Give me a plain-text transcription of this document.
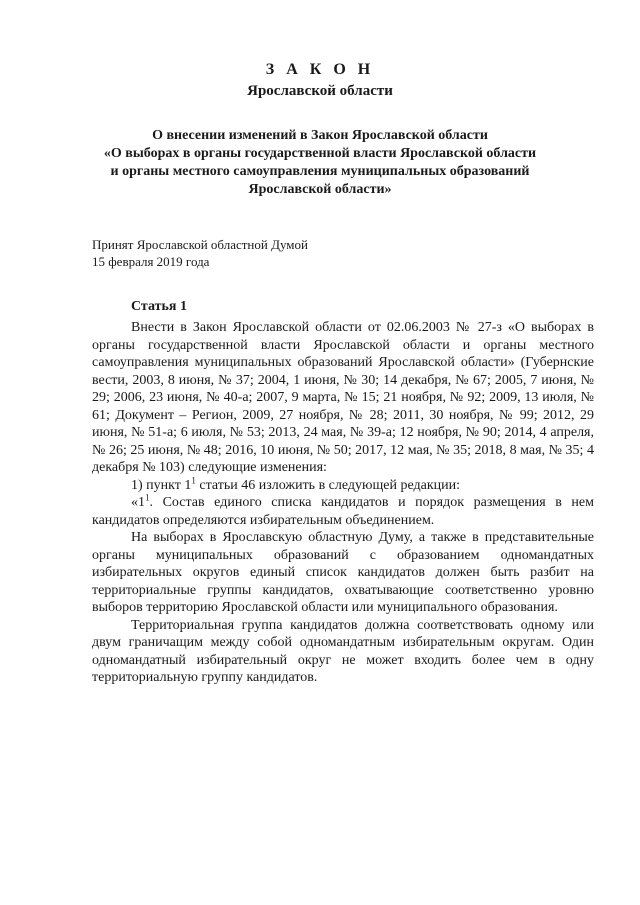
З А К О Н
Ярославской области
О внесении изменений в Закон Ярославской области
«О выборах в органы государственной власти Ярославской области
и органы местного самоуправления муниципальных образований
Ярославской области»
Принят Ярославской областной Думой
15 февраля 2019 года
Статья 1

Внести в Закон Ярославской области от 02.06.2003 № 27-з «О выборах в органы государственной власти Ярославской области и органы местного самоуправления муниципальных образований Ярославской области» (Губернские вести, 2003, 8 июня, № 37; 2004, 1 июня, № 30; 14 декабря, № 67; 2005, 7 июня, № 29; 2006, 23 июня, № 40-а; 2007, 9 марта, № 15; 21 ноября, № 92; 2009, 13 июля, № 61; Документ – Регион, 2009, 27 ноября, № 28; 2011, 30 ноября, № 99; 2012, 29 июня, № 51-а; 6 июля, № 53; 2013, 24 мая, № 39-а; 12 ноября, № 90; 2014, 4 апреля, № 26; 25 июня, № 48; 2016, 10 июня, № 50; 2017, 12 мая, № 35; 2018, 8 мая, № 35; 4 декабря № 103) следующие изменения:

1) пункт $1^1$ статьи 46 изложить в следующей редакции:

«$1^1$. Состав единого списка кандидатов и порядок размещения в нем кандидатов определяются избирательным объединением.

На выборах в Ярославскую областную Думу, а также в представительные органы муниципальных образований с образованием одномандатных избирательных округов единый список кандидатов должен быть разбит на территориальные группы кандидатов, охватывающие соответственно уровню выборов территорию Ярославской области или муниципального образования.

Территориальная группа кандидатов должна соответствовать одному или двум граничащим между собой одномандатным избирательным округам. Один одномандатный избирательный округ не может входить более чем в одну территориальную группу кандидатов.
